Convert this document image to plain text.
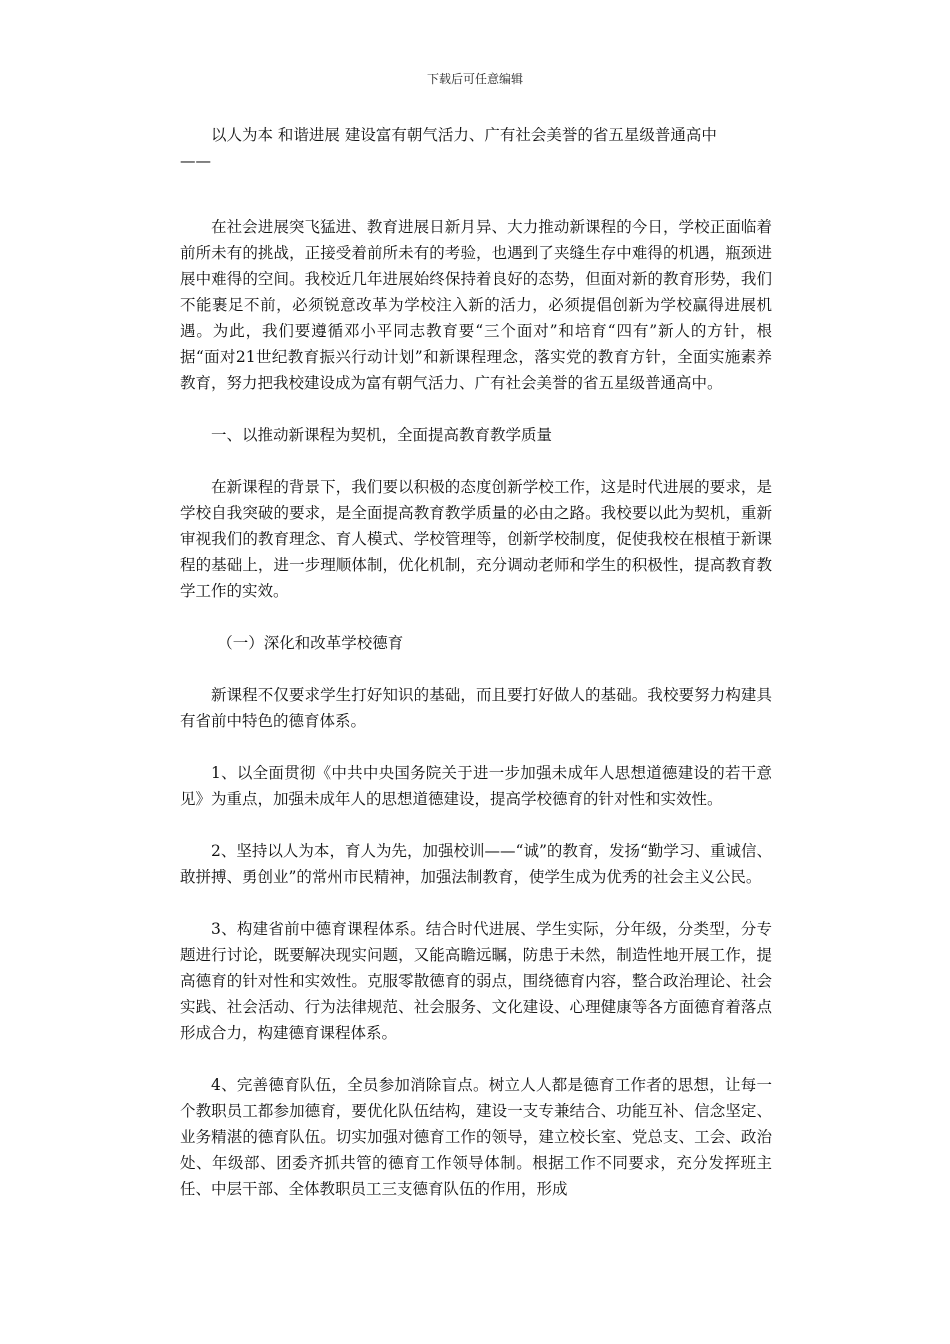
下载后可任意编辑

以人为本 和谐进展 建设富有朝气活力、广有社会美誉的省五星级普通高中

——

在社会进展突飞猛进、教育进展日新月异、大力推动新课程的今日，学校正面临着前所未有的挑战，正接受着前所未有的考验，也遇到了夹缝生存中难得的机遇，瓶颈进展中难得的空间。我校近几年进展始终保持着良好的态势，但面对新的教育形势，我们不能裹足不前，必须锐意改革为学校注入新的活力，必须提倡创新为学校赢得进展机遇。为此，我们要遵循邓小平同志教育要“三个面对”和培育“四有”新人的方针，根据“面对21世纪教育振兴行动计划”和新课程理念，落实党的教育方针，全面实施素养教育，努力把我校建设成为富有朝气活力、广有社会美誉的省五星级普通高中。

一、以推动新课程为契机，全面提高教育教学质量

在新课程的背景下，我们要以积极的态度创新学校工作，这是时代进展的要求，是学校自我突破的要求，是全面提高教育教学质量的必由之路。我校要以此为契机，重新审视我们的教育理念、育人模式、学校管理等，创新学校制度，促使我校在根植于新课程的基础上，进一步理顺体制，优化机制，充分调动老师和学生的积极性，提高教育教学工作的实效。

（一）深化和改革学校德育

新课程不仅要求学生打好知识的基础，而且要打好做人的基础。我校要努力构建具有省前中特色的德育体系。

1、以全面贯彻《中共中央国务院关于进一步加强未成年人思想道德建设的若干意见》为重点，加强未成年人的思想道德建设，提高学校德育的针对性和实效性。

2、坚持以人为本，育人为先，加强校训——“诚”的教育，发扬“勤学习、重诚信、敢拼搏、勇创业”的常州市民精神，加强法制教育，使学生成为优秀的社会主义公民。

3、构建省前中德育课程体系。结合时代进展、学生实际，分年级，分类型，分专题进行讨论，既要解决现实问题，又能高瞻远瞩，防患于未然，制造性地开展工作，提高德育的针对性和实效性。克服零散德育的弱点，围绕德育内容，整合政治理论、社会实践、社会活动、行为法律规范、社会服务、文化建设、心理健康等各方面德育着落点形成合力，构建德育课程体系。

4、完善德育队伍，全员参加消除盲点。树立人人都是德育工作者的思想，让每一个教职员工都参加德育，要优化队伍结构，建设一支专兼结合、功能互补、信念坚定、业务精湛的德育队伍。切实加强对德育工作的领导，建立校长室、党总支、工会、政治处、年级部、团委齐抓共管的德育工作领导体制。根据工作不同要求，充分发挥班主任、中层干部、全体教职员工三支德育队伍的作用，形成
